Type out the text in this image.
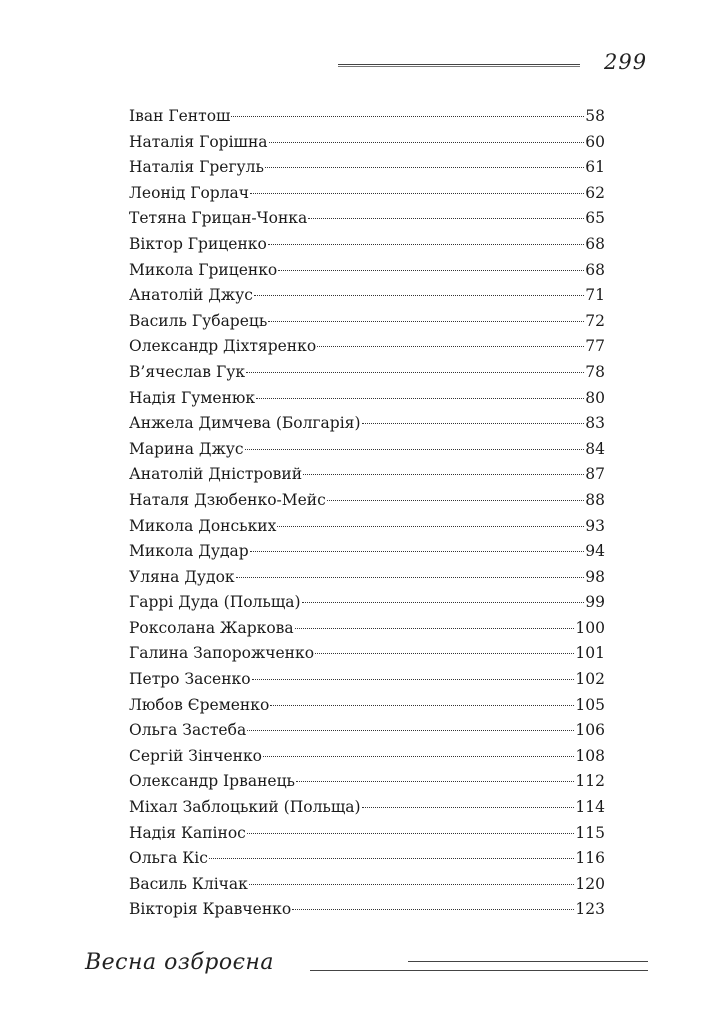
299
Іван Гентош	58
Наталія Горішна	60
Наталія Грегуль	61
Леонід Горлач	62
Тетяна Грицан-Чонка	65
Віктор Гриценко	68
Микола Гриценко	68
Анатолій Джус	71
Василь Губарець	72
Олександр Діхтяренко	77
В’ячеслав Гук	78
Надія Гуменюк	80
Анжела Димчева (Болгарія)	83
Марина Джус	84
Анатолій Дністровий	87
Наталя Дзюбенко-Мейс	88
Микола Донських	93
Микола Дудар	94
Уляна Дудок	98
Гаррі Дуда (Польща)	99
Роксолана Жаркова	100
Галина Запорожченко	101
Петро Засенко	102
Любов Єременко	105
Ольга Застеба	106
Сергій Зінченко	108
Олександр Ірванець	112
Міхал Заблоцький (Польща)	114
Надія Капінос	115
Ольга Кіс	116
Василь Клічак	120
Вікторія Кравченко	123
Весна озброєна
